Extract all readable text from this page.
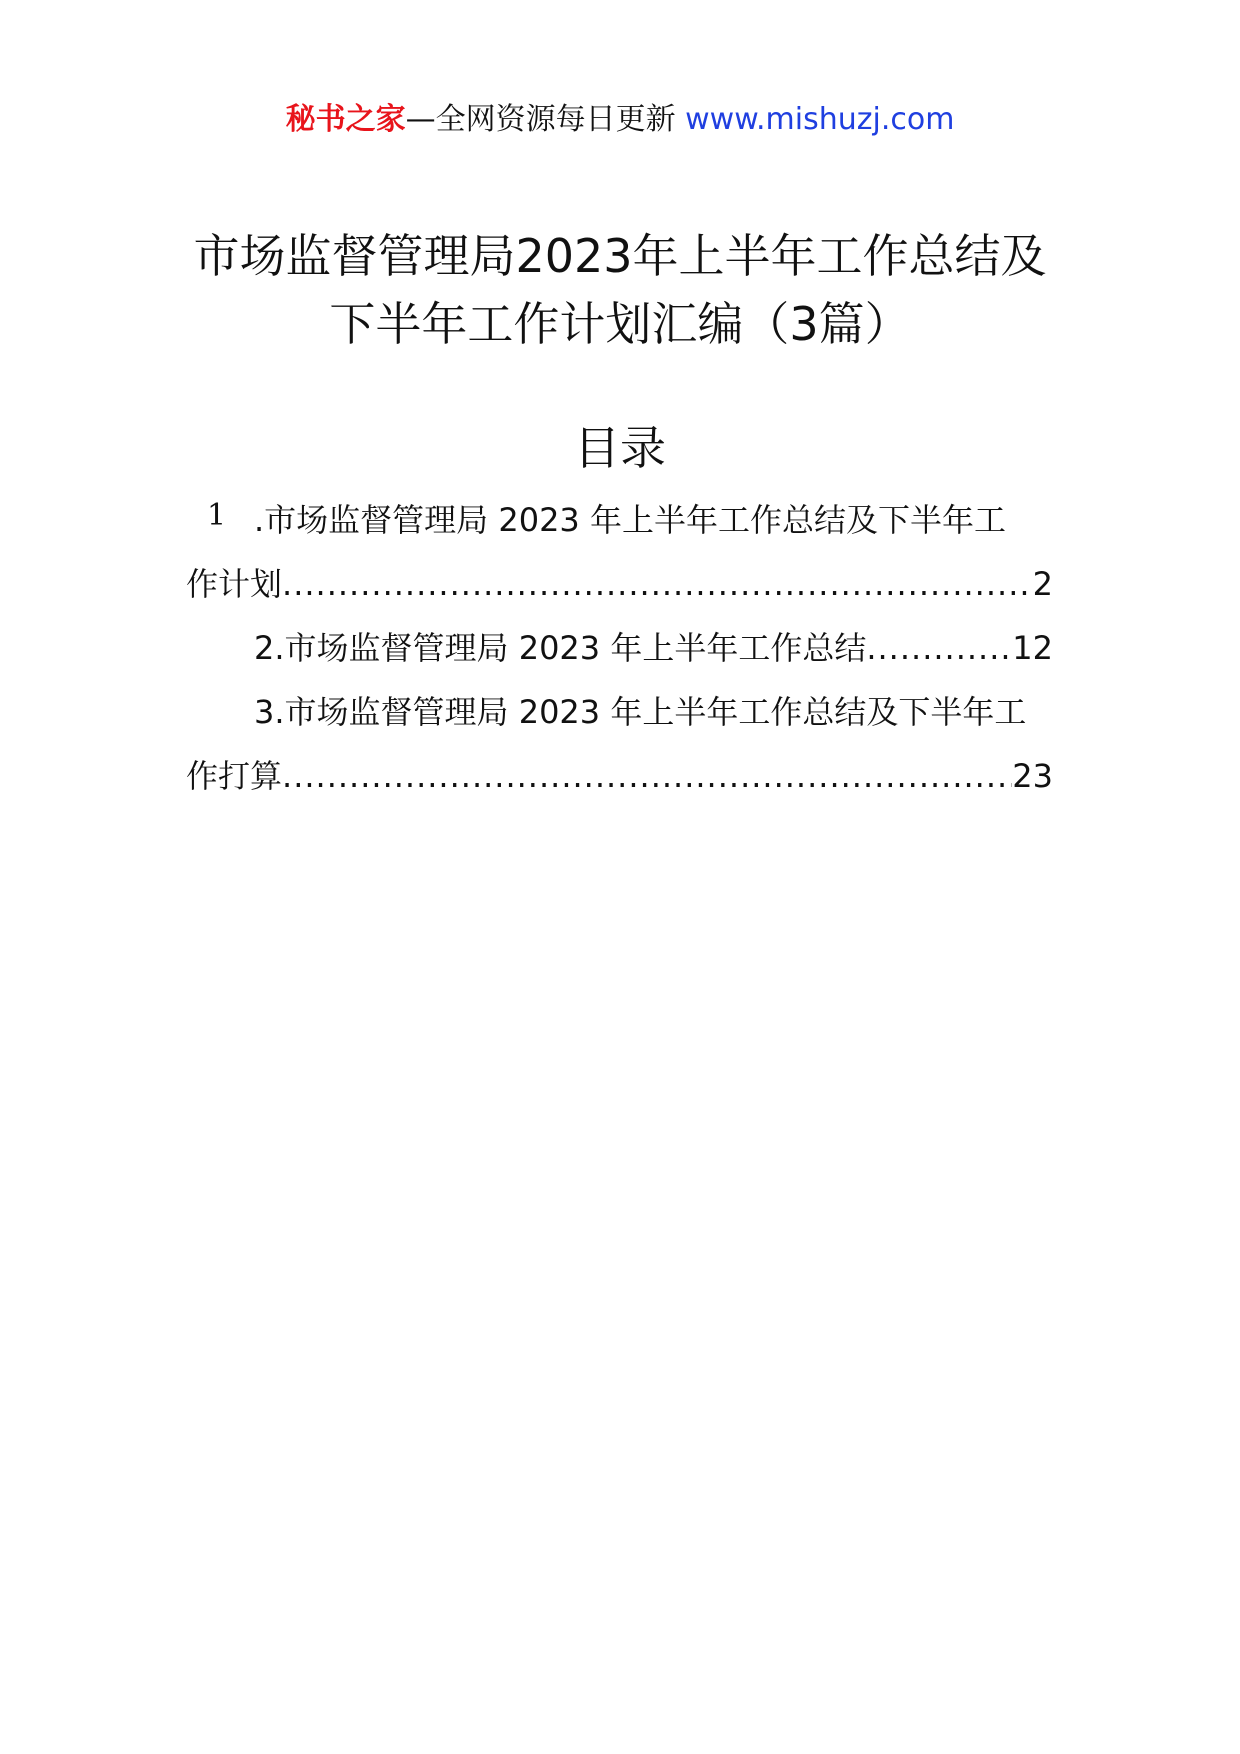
秘书之家—全网资源每日更新 www.mishuzj.com
市场监督管理局2023年上半年工作总结及
下半年工作计划汇编（3篇）
目录
1 .市场监督管理局 2023 年上半年工作总结及下半年工
作计划 .....	2
2.市场监督管理局 2023 年上半年工作总结 .....	12
3.市场监督管理局 2023 年上半年工作总结及下半年工
作打算 .....	23
